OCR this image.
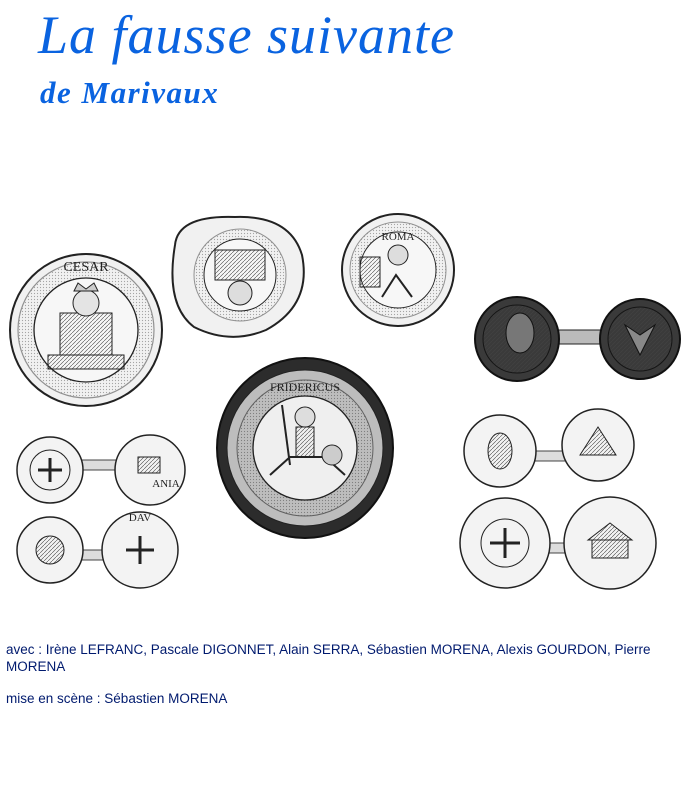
La fausse suivante
de Marivaux
CESAR
ROMA
FRIDERICUS
ANIA
DAV
avec : Irène LEFRANC, Pascale DIGONNET, Alain SERRA, Sébastien MORENA, Alexis GOURDON, Pierre MORENA
mise en scène : Sébastien MORENA
